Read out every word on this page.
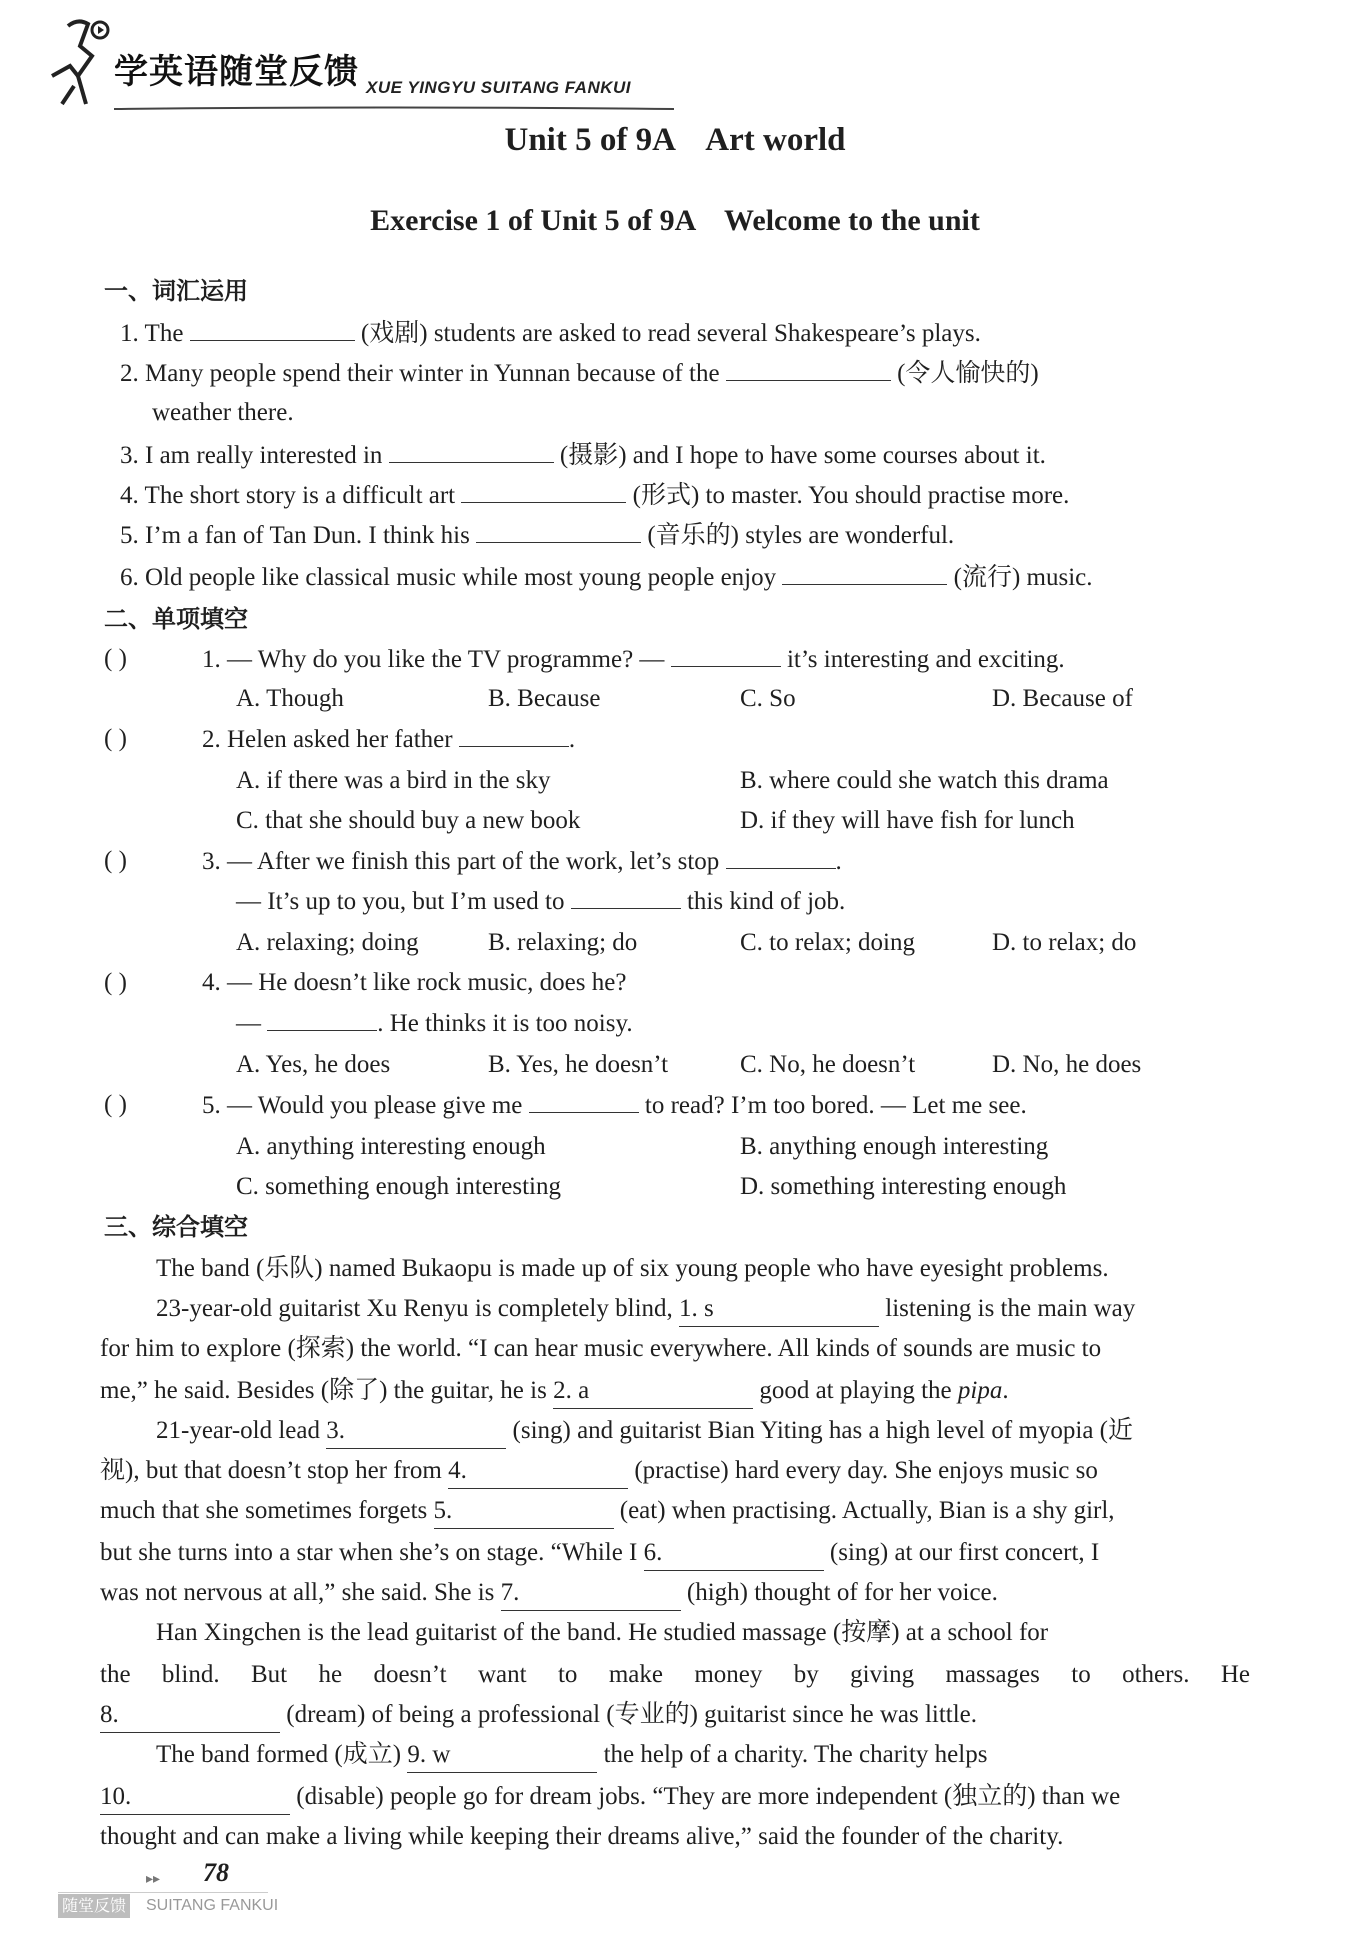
学英语随堂反馈 XUE YINGYU SUITANG FANKUI
Unit 5 of 9A    Art world
Exercise 1 of Unit 5 of 9A    Welcome to the unit
一、词汇运用
1. The	(戏剧) students are asked to read several Shakespeare’s plays.
2. Many people spend their winter in Yunnan because of the	(令人愉快的)
weather there.
3. I am really interested in	(摄影) and I hope to have some courses about it.
4. The short story is a difficult art	(形式) to master. You should practise more.
5. I’m a fan of Tan Dun. I think his	(音乐的) styles are wonderful.
6. Old people like classical music while most young people enjoy	(流行) music.
二、单项填空
( )	1. — Why do you like the TV programme? —	it’s interesting and exciting.
A. Though	B. Because	C. So	D. Because of
( )	2. Helen asked her father	.
A. if there was a bird in the sky	B. where could she watch this drama
C. that she should buy a new book	D. if they will have fish for lunch
( )	3. — After we finish this part of the work, let’s stop	.
— It’s up to you, but I’m used to	this kind of job.
A. relaxing; doing	B. relaxing; do	C. to relax; doing	D. to relax; do
( )	4. — He doesn’t like rock music, does he?
—	. He thinks it is too noisy.
A. Yes, he does	B. Yes, he doesn’t	C. No, he doesn’t	D. No, he does
( )	5. — Would you please give me	to read? I’m too bored. — Let me see.
A. anything interesting enough	B. anything enough interesting
C. something enough interesting	D. something interesting enough
三、综合填空
The band (乐队) named Bukaopu is made up of six young people who have eyesight problems.
23-year-old guitarist Xu Renyu is completely blind, 1. s	listening is the main way
for him to explore (探索) the world. “I can hear music everywhere. All kinds of sounds are music to
me,” he said. Besides (除了) the guitar, he is 2. a	good at playing the pipa.
21-year-old lead 3.	(sing) and guitarist Bian Yiting has a high level of myopia (近
视), but that doesn’t stop her from 4.	(practise) hard every day. She enjoys music so
much that she sometimes forgets 5.	(eat) when practising. Actually, Bian is a shy girl,
but she turns into a star when she’s on stage. “While I 6.	(sing) at our first concert, I
was not nervous at all,” she said. She is 7.	(high) thought of for her voice.
Han Xingchen is the lead guitarist of the band. He studied massage (按摩) at a school for
the blind. But he doesn’t want to make money by giving massages to others. He
8.	(dream) of being a professional (专业的) guitarist since he was little.
The band formed (成立) 9. w	the help of a charity. The charity helps
10.	(disable) people go for dream jobs. “They are more independent (独立的) than we
thought and can make a living while keeping their dreams alive,” said the founder of the charity.
▸▸ 78
随堂反馈 SUITANG FANKUI
